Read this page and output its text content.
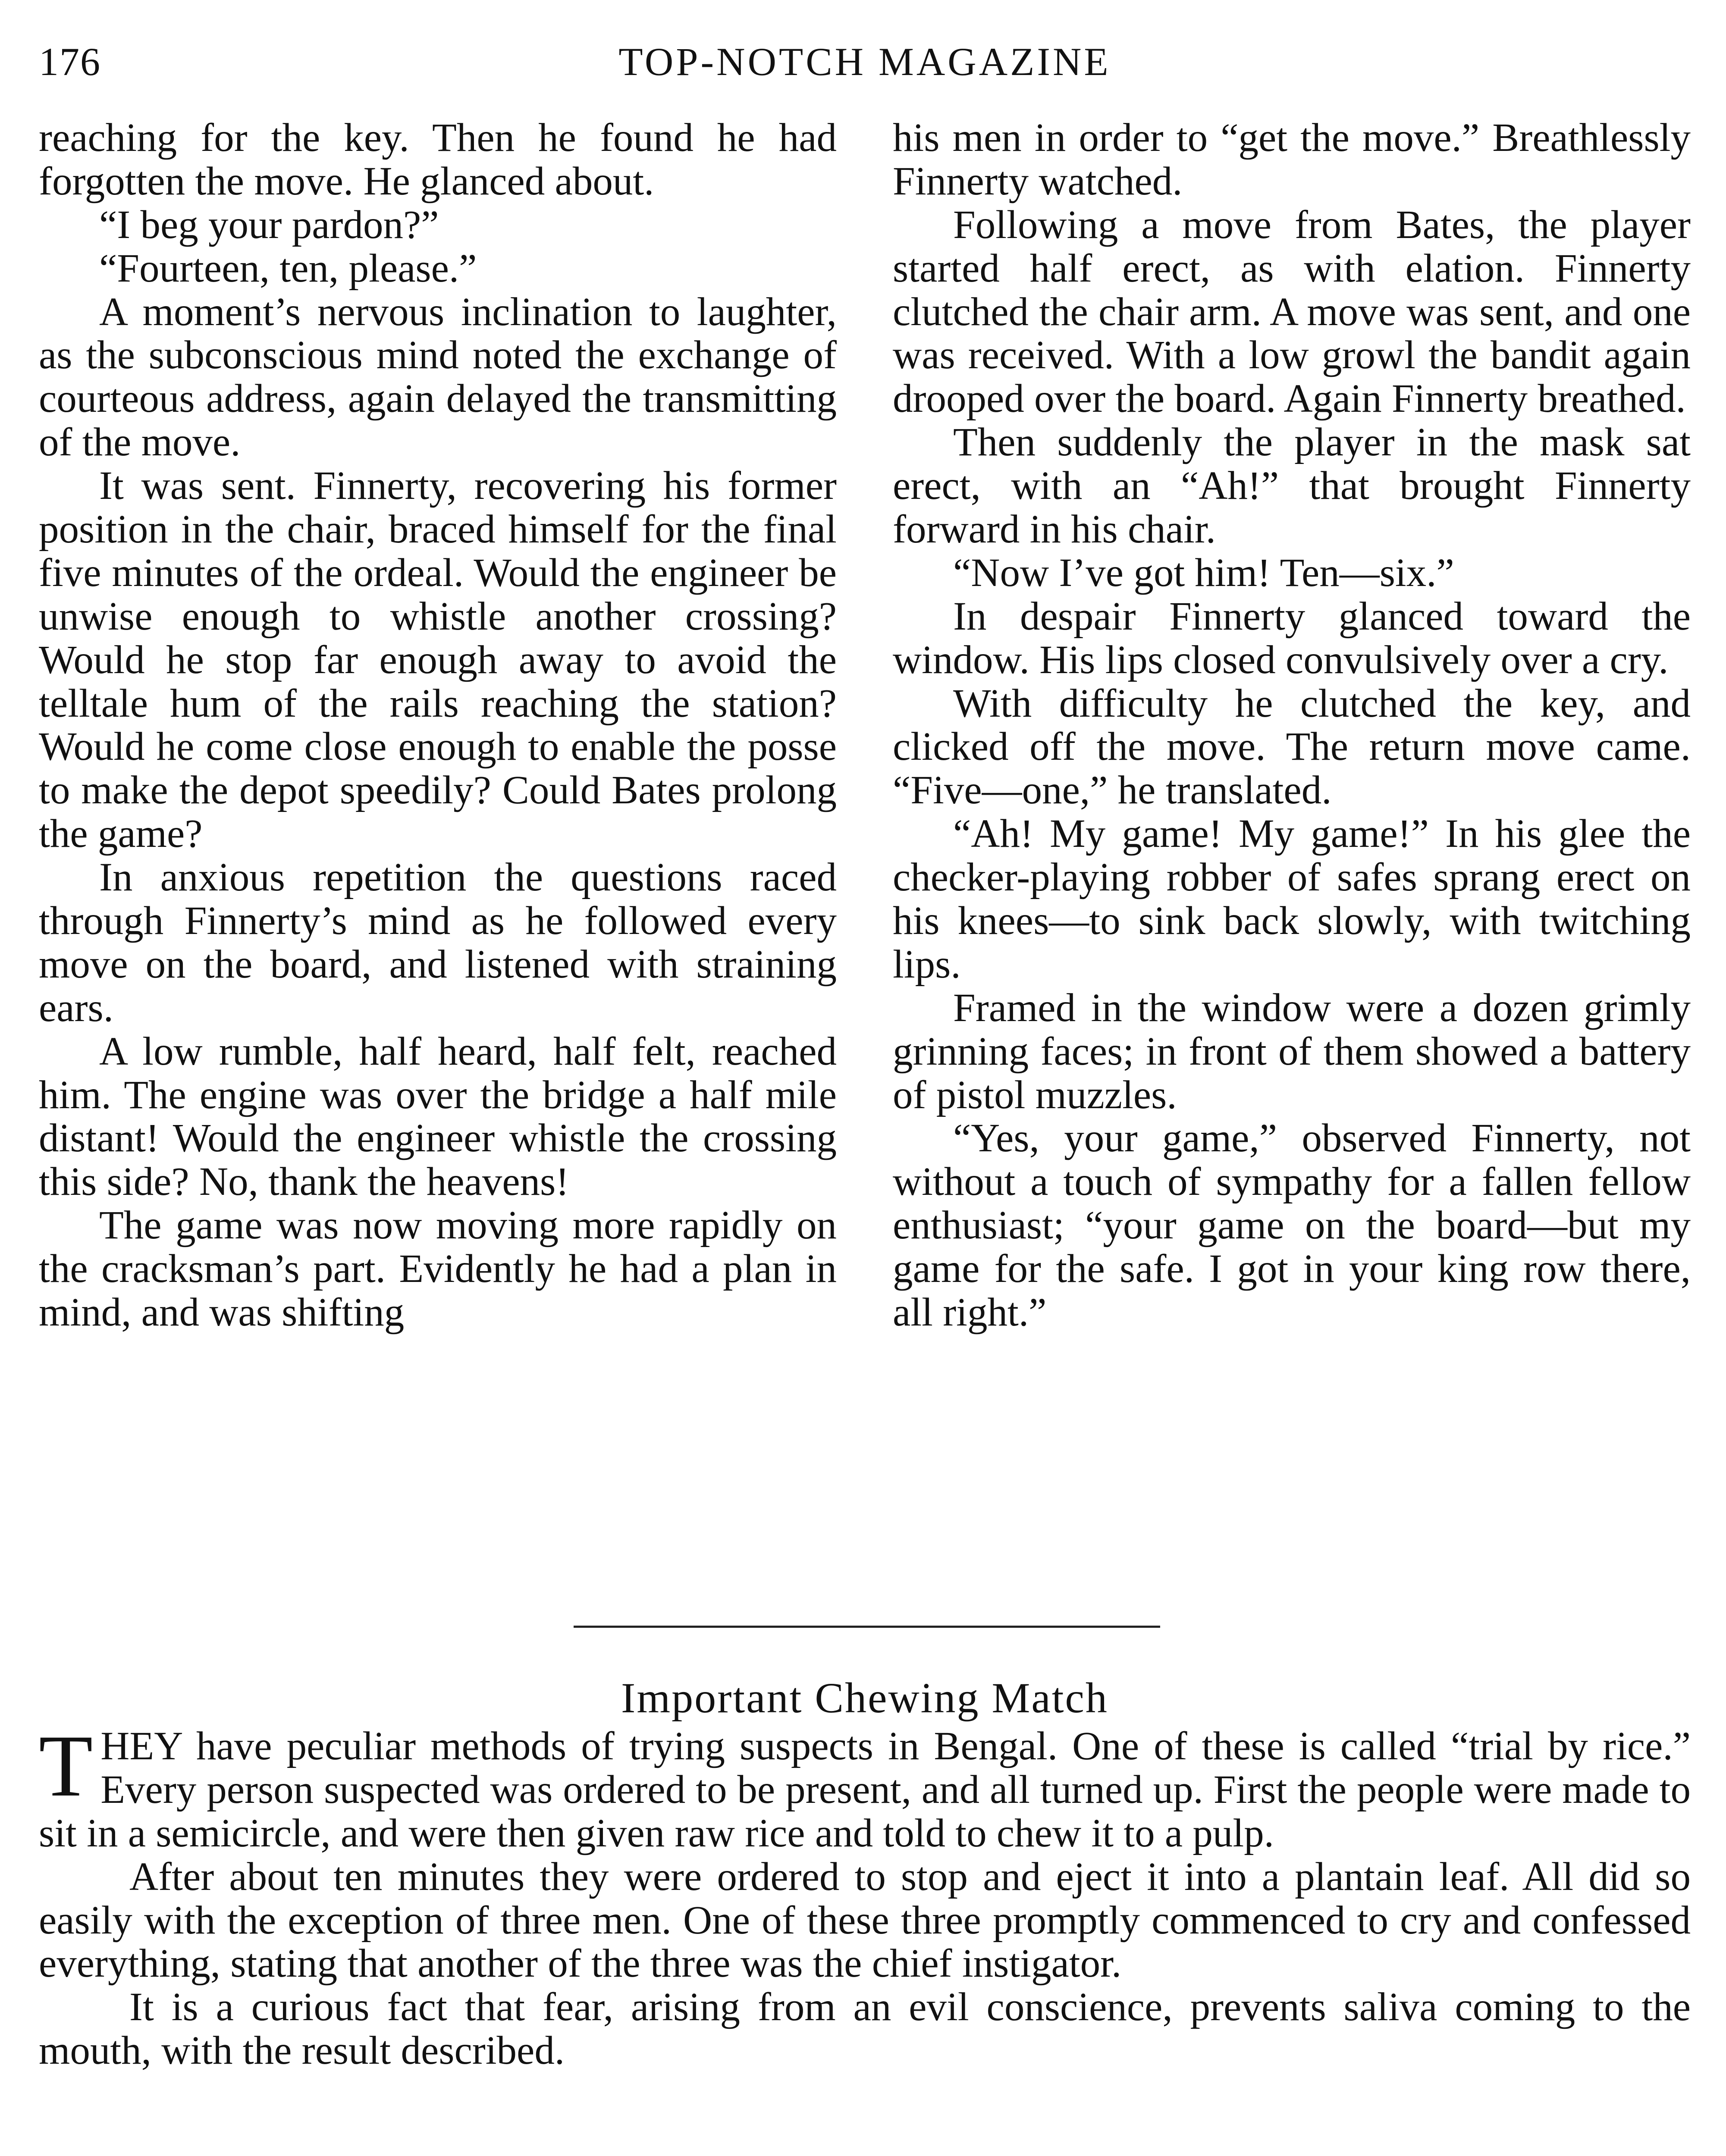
176	TOP-NOTCH MAGAZINE

reaching for the key. Then he found he had forgotten the move. He glanced about.

“I beg your pardon?”

“Fourteen, ten, please.”

A moment’s nervous inclination to laughter, as the subconscious mind noted the exchange of courteous address, again delayed the transmitting of the move.

It was sent. Finnerty, recovering his former position in the chair, braced himself for the final five minutes of the ordeal. Would the engineer be unwise enough to whistle another crossing? Would he stop far enough away to avoid the telltale hum of the rails reaching the station? Would he come close enough to enable the posse to make the depot speedily? Could Bates prolong the game?

In anxious repetition the questions raced through Finnerty’s mind as he followed every move on the board, and listened with straining ears.

A low rumble, half heard, half felt, reached him. The engine was over the bridge a half mile distant! Would the engineer whistle the crossing this side? No, thank the heavens!

The game was now moving more rapidly on the cracksman’s part. Evidently he had a plan in mind, and was shifting

his men in order to “get the move.” Breathlessly Finnerty watched.

Following a move from Bates, the player started half erect, as with elation. Finnerty clutched the chair arm. A move was sent, and one was received. With a low growl the bandit again drooped over the board. Again Finnerty breathed.

Then suddenly the player in the mask sat erect, with an “Ah!” that brought Finnerty forward in his chair.

“Now I’ve got him! Ten—six.”

In despair Finnerty glanced toward the window. His lips closed convulsively over a cry.

With difficulty he clutched the key, and clicked off the move. The return move came. “Five—one,” he translated.

“Ah! My game! My game!” In his glee the checker-playing robber of safes sprang erect on his knees—to sink back slowly, with twitching lips.

Framed in the window were a dozen grimly grinning faces; in front of them showed a battery of pistol muzzles.

“Yes, your game,” observed Finnerty, not without a touch of sympathy for a fallen fellow enthusiast; “your game on the board—but my game for the safe. I got in your king row there, all right.”

Important Chewing Match

T HEY have peculiar methods of trying suspects in Bengal. One of these is called “trial by rice.” Every person suspected was ordered to be present, and all turned up. First the people were made to sit in a semicircle, and were then given raw rice and told to chew it to a pulp.

After about ten minutes they were ordered to stop and eject it into a plantain leaf. All did so easily with the exception of three men. One of these three promptly commenced to cry and confessed everything, stating that another of the three was the chief instigator.

It is a curious fact that fear, arising from an evil conscience, prevents saliva coming to the mouth, with the result described.
